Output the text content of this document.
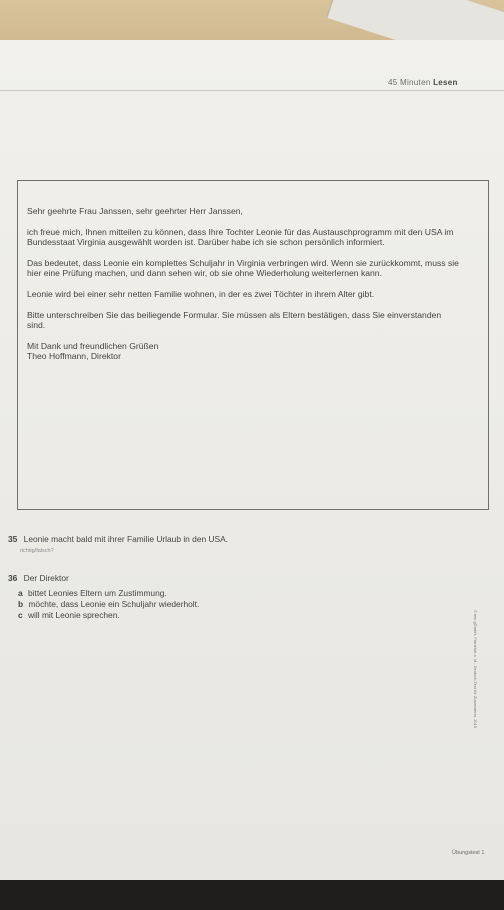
45 Minuten Lesen

Sehr geehrte Frau Janssen, sehr geehrter Herr Janssen,

ich freue mich, Ihnen mitteilen zu können, dass Ihre Tochter Leonie für das Austauschprogramm mit den USA im Bundesstaat Virginia ausgewählt worden ist. Darüber habe ich sie schon persönlich informiert.

Das bedeutet, dass Leonie ein komplettes Schuljahr in Virginia verbringen wird. Wenn sie zurückkommt, muss sie hier eine Prüfung machen, und dann sehen wir, ob sie ohne Wiederholung weiterlernen kann.

Leonie wird bei einer sehr netten Familie wohnen, in der es zwei Töchter in ihrem Alter gibt.

Bitte unterschreiben Sie das beiliegende Formular. Sie müssen als Eltern bestätigen, dass Sie einverstanden sind.

Mit Dank und freundlichen Grüßen

Theo Hoffmann, Direktor

35 Leonie macht bald mit ihrer Familie Urlaub in den USA.
richtig/falsch?
36 Der Direktor
a bittet Leonies Eltern um Zustimmung.
b möchte, dass Leonie ein Schuljahr wiederholt.
c will mit Leonie sprechen.
Übungstest 1
